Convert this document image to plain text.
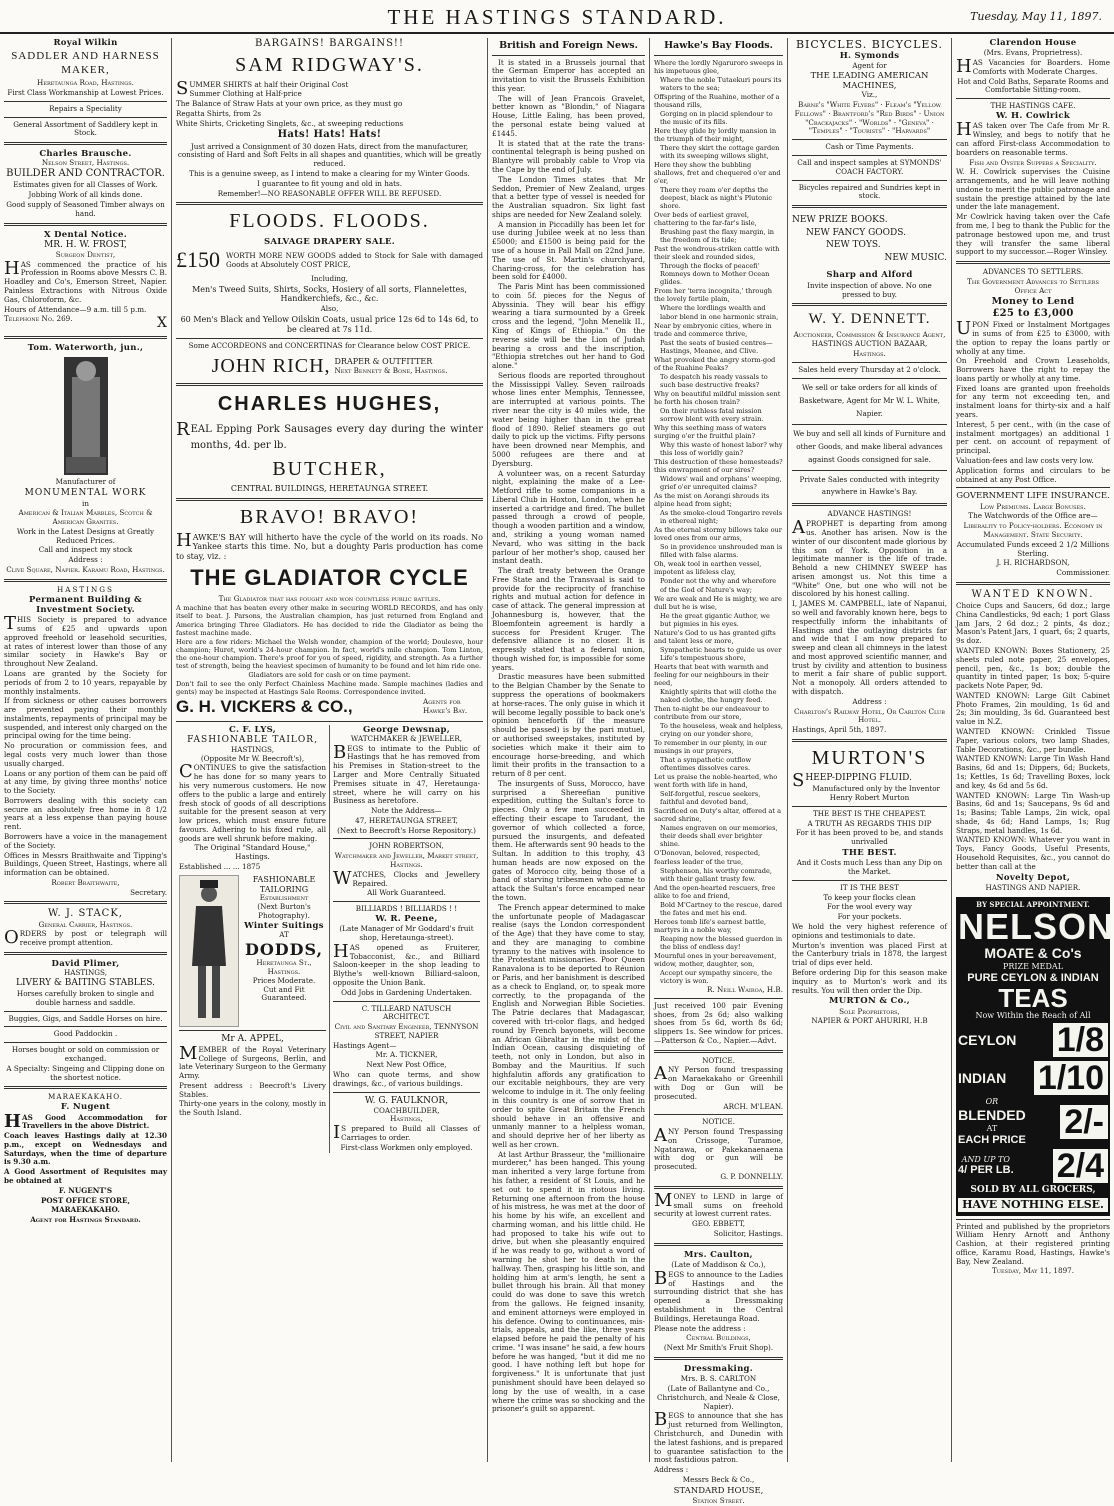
THE HASTINGS STANDARD.	Tuesday, May 11, 1897.
Royal Wilkin
SADDLER AND HARNESS MAKER,
Heretaunga Road, Hastings.

First Class Workmanship at Lowest Prices.

Repairs a Speciality

General Assortment of Saddlery kept in Stock.

Charles Brausche.
Nelson Street, Hastings.
BUILDER AND CONTRACTOR.

Estimates given for all Classes of Work.

Jobbing Work of all kinds done.

Good supply of Seasoned Timber always on hand.

X Dental Notice.
MR. H. W. FROST,
Surgeon Dentist,

HAS commenced the practice of his Profession in Rooms above Messrs C. B. Hoadley and Co's, Emerson Street, Napier. Painless Extractions with Nitrous Oxide Gas, Chloroform, &c.

Hours of Attendance—9 a.m. till 5 p.m.

Telephone No. 269.	X
Tom. Waterworth, jun.,

Manufacturer of

MONUMENTAL WORK

in

American & Italian Marbles, Scotch & American Granites.

Work in the Latest Designs at Greatly Reduced Prices.

Call and inspect my stock

Address :

Clive Square, Napier. Karamu Road, Hastings.

HASTINGS
Permanent Building & Investment Society.

THIS Society is prepared to advance sums of £25 and upwards upon approved freehold or leasehold securities, at rates of interest lower than those of any similar society in Hawke's Bay or throughout New Zealand.

Loans are granted by the Society for periods of from 2 to 10 years, repayable by monthly instalments.

If from sickness or other causes borrowers are prevented paying their monthly instalments, repayments of principal may be suspended, and interest only charged on the principal owing for the time being.

No procuration or commission fees, and legal costs very much lower than those usually charged.

Loans or any portion of them can be paid off at any time, by giving three months' notice to the Society.

Borrowers dealing with this society can secure an absolutely free home in 8 1/2 years at a less expense than paying house rent.

Borrowers have a voice in the management of the Society.

Offices in Messrs Braithwaite and Tipping's Buildings, Queen Street, Hastings, where all information can be obtained.

Robert Braithwaite,

Secretary.

W. J. STACK,
General Carrier, Hastings.

ORDERS by post or telegraph will receive prompt attention.

David Plimer,
HASTINGS,
LIVERY & BAITING STABLES.

Horses carefully broken to single and double harness and saddle.

Buggies, Gigs, and Saddle Horses on hire.

Good Paddockin .

Horses bought or sold on commission or exchanged.

A Specialty: Singeing and Clipping done on the shortest notice.

MARAEKAKAHO.
F. Nugent

HAS Good Accommodation for Travellers in the above District.

Coach leaves Hastings daily at 12.30 p.m., except on Wednesdays and Saturdays, when the time of departure is 9.30 a.m.

A Good Assortment of Requisites may be obtained at

F. NUGENT'S

POST OFFICE STORE,

MARAEKAKAHO.

Agent for Hastings Standard.

BARGAINS! BARGAINS!!
SAM RIDGWAY'S.

SUMMER SHIRTS at half their Original Cost

Summer Clothing at Half-price

The Balance of Straw Hats at your own price, as they must go

Regatta Shirts, from 2s

White Shirts, Cricketing Singlets, &c., at sweeping reductions

Hats! Hats! Hats!

Just arrived a Consignment of 30 dozen Hats, direct from the manufacturer, consisting of Hard and Soft Felts in all shapes and quantities, which will be greatly reduced.

This is a genuine sweep, as I intend to make a clearing for my Winter Goods.

I guarantee to fit young and old in hats.

Remember!—NO REASONABLE OFFER WILL BE REFUSED.

FLOODS. FLOODS.
SALVAGE DRAPERY SALE.
£150 WORTH MORE NEW GOODS added to Stock for Sale with damaged Goods at Absolutely COST PRICE,

Including,

Men's Tweed Suits, Shirts, Socks, Hosiery of all sorts, Flannelettes, Handkerchiefs, &c., &c.

Also,

60 Men's Black and Yellow Oilskin Coats, usual price 12s 6d to 14s 6d, to be cleared at 7s 11d.

Some ACCORDEONS and CONCERTINAS for Clearance below COST PRICE.

JOHN RICH, DRAPER & OUTFITTER
Next Bennett & Bone, Hastings.
CHARLES HUGHES,

REAL Epping Pork Sausages every day during the winter months, 4d. per lb.

BUTCHER,
CENTRAL BUILDINGS, HERETAUNGA STREET.
BRAVO! BRAVO!

HAWKE'S BAY will hitherto have the cycle of the world on its roads. No Yankee starts this time. No, but a doughty Paris production has come to stay, viz. :

THE GLADIATOR CYCLE

The Gladiator that has fought and won countless public battles.

A machine that has beaten every other make in securing WORLD RECORDS, and has only itself to beat. J. Parsons, the Australian champion, has just returned from England and America bringing Three Gladiators. He has decided to ride the Gladiator as being the fastest machine made.

Here are a few riders: Michael the Welsh wonder, champion of the world; Doulesve, hour champion; Huret, world's 24-hour champion. In fact, world's mile champion. Tom Linton, the one-hour champion. There's proof for you of speed, rigidity, and strength. As a further test of strength, being the heaviest specimen of humanity to be found and let him ride one.

Gladiators are sold for cash or on time payment.

Don't fail to see the only Perfect Chainless Machine made. Sample machines (ladies and gents) may be inspected at Hastings Sale Rooms. Correspondence invited.

G. H. VICKERS & CO.,	Agents for Hawke's Bay.
C. F. LYS,
FASHIONABLE TAILOR,
HASTINGS,
(Opposite Mr W. Beecroft's),

CONTINUES to give the satisfaction he has done for so many years to his very numerous customers. He now offers to the public a large and entirely fresh stock of goods of all descriptions suitable for the present season at very low prices, which must ensure future favours. Adhering to his fixed rule, all goods are well shrunk before making.

The Original "Standard House," Hastings.

Established ... ... 1875

FASHIONABLE
TAILORING
Establishment
(Next Burton's Photography).
Winter Suitings
AT
DODDS,
Heretaunga St., Hastings.
Prices Moderate.
Cut and Fit Guaranteed.
Mr A. APPEL,

MEMBER of the Royal Veterinary College of Surgeons, Berlin, and late Veterinary Surgeon to the Germany Army.

Present address : Beecroft's Livery Stables.

Thirty-one years in the colony, mostly in the South Island.

George Dewsnap,
WATCHMAKER & JEWELLER,

BEGS to intimate to the Public of Hastings that he has removed from his Premises in Station-street to the Larger and More Centrally Situated Premises situate in 47, Heretaunga-street, where he will carry on his Business as heretofore.

Note the Address—

47, HERETAUNGA STREET,

(Next to Beecroft's Horse Repository.)

JOHN ROBERTSON,

Watchmaker and Jeweller, Market street, Hastings.

WATCHES, Clocks and Jewellery Repaired.

All Work Guaranteed.

BILLIARDS ! BILLIARDS ! !
W. R. Peene,

(Late Manager of Mr Goddard's fruit shop, Heretaunga-street).

HAS opened as Fruiterer, Tobacconist, &c., and Billiard Saloon-keeper in the shop leading to Blythe's well-known Billiard-saloon, opposite the Union Bank.

Odd Jobs in Gardening Undertaken.

C. TILLEARD NATUSCH
ARCHITECT.

Civil and Sanitary Engineer, TENNYSON STREET, NAPIER

Hastings Agent—

Mr. A. TICKNER,

Next New Post Office,

Who can quote terms, and show drawings, &c., of various buildings.

W. G. FAULKNOR,
COACHBUILDER,
Hastings,

IS prepared to Build all Classes of Carriages to order.

First-class Workmen only employed.

British and Foreign News.

It is stated in a Brussels journal that the German Emperor has accepted an invitation to visit the Brussels Exhibition this year.

The will of Jean Francois Gravelet, better known as "Blondin," of Niagara House, Little Ealing, has been proved, the personal estate being valued at £1445.

It is stated that at the rate the trans-continental telegraph is being pushed on Blantyre will probably cable to Vrop via the Cape by the end of July.

The London Times states that Mr Seddon, Premier of New Zealand, urges that a better type of vessel is needed for the Australian squadron. Six light fast ships are needed for New Zealand solely.

A mansion in Piccadilly has been let for use during Jubilee week at no less than £5000; and £1500 is being paid for the use of a house in Pall Mall on 22nd June. The use of St. Martin's churchyard, Charing-cross, for the celebration has been sold for £4000.

The Paris Mint has been commissioned to coin 5f. pieces for the Negus of Abyssinia. They will bear his effigy wearing a tiara surmounted by a Greek cross and the legend, "John Menelik II., King of Kings of Ethiopia." On the reverse side will be the Lion of Judah bearing a cross and the inscription, "Ethiopia stretches out her hand to God alone."

Serious floods are reported throughout the Mississippi Valley. Seven railroads whose lines enter Memphis, Tennessee, are interrupted at various points. The river near the city is 40 miles wide, the water being higher than in the great flood of 1890. Relief steamers go out daily to pick up the victims. Fifty persons have been drowned near Memphis, and 5000 refugees are there and at Dyersburg.

A volunteer was, on a recent Saturday night, explaining the make of a Lee-Metford rifle to some companions in a Liberal Club in Hoxton, London, when he inserted a cartridge and fired. The bullet passed through a crowd of people, though a wooden partition and a window, and, striking a young woman named Nevard, who was sitting in the back parlour of her mother's shop, caused her instant death.

The draft treaty between the Orange Free State and the Transvaal is said to provide for the reciprocity of franchise rights and mutual action for defence in case of attack. The general impression at Johannesburg is, however, that the Bloemfontein agreement is hardly a success for President Kruger. The defensive alliance is no closer. It is expressly stated that a federal union, though wished for, is impossible for some years.

Drastic measures have been submitted to the Belgian Chamber by the Senate to suppress the operations of bookmakers at horse-races. The only guise in which it will become legally possible to back one's opinion henceforth (if the measure should be passed) is by the pari mutuel, or authorised sweepstakes, instituted by societies which make it their aim to encourage horse-breeding, and which limit their profits in the transaction to a return of 8 per cent.

The insurgents of Suss, Morocco, have surprised a Shereefian punitive expedition, cutting the Sultan's force to pieces. Only a few men succeeded in effecting their escape to Tarudant, the governor of which collected a force, pursued the insurgents, and defeated them. He afterwards sent 90 heads to the Sultan. In addition to this trophy, 43 human heads are now exposed on the gates of Morocco city, being those of a band of starving tribesmen who came to attack the Sultan's force encamped near the town.

The French appear determined to make the unfortunate people of Madagascar realise (says the London correspondent of the Age) that they have come to stay, and they are managing to combine tyranny to the natives with insolence to the Protestant missionaries. Poor Queen Ranavalona is to be deported to Réunion or Paris, and her banishment is described as a check to England, or, to speak more correctly, to the propaganda of the English and Norwegian Bible Societies. The Patrie declares that Madagascar, covered with tri-color flags, and hedged round by French bayonets, will become an African Gibraltar in the midst of the Indian Ocean, causing disquieting of teeth, not only in London, but also in Bombay and the Mauritius. If such highfalutin affords any gratification to our excitable neighbours, they are very welcome to indulge in it. The only feeling in this country is one of sorrow that in order to spite Great Britain the French should behave in an offensive and unmanly manner to a helpless woman, and should deprive her of her liberty as well as her crown.

At last Arthur Brasseur, the "millionaire murderer," has been hanged. This young man inherited a very large fortune from his father, a resident of St Louis, and he set out to spend it in riotous living. Returning one afternoon from the house of his mistress, he was met at the door of his home by his wife, an excellent and charming woman, and his little child. He had proposed to take his wife out to drive, but when she pleasantly enquired if he was ready to go, without a word of warning he shot her to death in the hallway. Then, grasping his little son, and holding him at arm's length, he sent a bullet through his brain. All that money could do was done to save this wretch from the gallows. He feigned insanity, and eminent attorneys were employed in his defence. Owing to continuances, mis-trials, appeals, and the like, three years elapsed before he paid the penalty of his crime. "I was insane" he said, a few hours before he was hanged, "but it did me no good. I have nothing left but hope for forgiveness." It is unfortunate that just punishment should have been delayed so long by the use of wealth, in a case where the crime was so shocking and the prisoner's guilt so apparent.

Hawke's Bay Floods.

Where the lordly Ngaruroro sweeps in his impetuous glee,

Where the noble Tutaekuri pours its waters to the sea;

Offspring of the Ruahine, mother of a thousand rills,

Gorging on in placid splendour to the music of its fills.

Here they glide by lordly mansion in the triumph of their might,

There they skirt the cottage garden with its sweeping willows slight,

Here they show the bubbling shallows, fret and chequered o'er and o'er,

There they roam o'er depths the deepest, black as night's Plutonic shore.

Over beds of earliest gravel, chattering to the far-far's lisle,

Brushing past the flaxy margin, in the freedom of its tide;

Past the wondrous-striken cattle with their sleek and rounded sides,

Through the flocks of peacefi' Romneys down to Mother Ocean glides.

From her 'terra incognita,' through the lovely fertile plain,

Where the lordlings wealth and labor blend in one harmonic strain,

Near by embryonic cities, where in trade and commerce thrive,

Past the seats of busied centres—Hastings, Meanee, and Clive.

What provoked the angry storm-god of the Ruahine Peaks?

To despatch his ready vassals to such base destructive freaks?

Why on beautiful mildful mission sent he forth his chosen train?

On their ruthless fatal mission sorrow blent with every strain.

Why this seething mass of waters surging o'er the fruitful plain?

Why this waste of honest labor? why this loss of worldly gain?

This destruction of these homesteads? this enwrapment of our sires?

Widows' wail and orphans' weeping, grief o'er unrequited claims?

As the mist on Aorangi shrouds its alpine head from sight;

As the smoke-cloud Tongariro revels in ethereal night;

As the eternal stormy billows take our loved ones from our arms,

So in providence unshrouded man is filled with false alarms.

Oh, weak tool in earthen vessel, impotent as lifeless clay,

Ponder not the why and wherefore of the God of Nature's way;

We are weak and He is mighty, we are dull but he is wise,

He the great gigantic Author, we but pigmies in his eyes.

Nature's God to us has granted gifts and talent less or more,

Sympathetic hearts to guide us over Life's tempestuous shore,

Hearts that beat with warmth and feeling for our neighbours in their need,

Knightly spirits that will clothe the naked clothe, the hungry feed.

Then to-night be our endeavour to contribute from our store,

To the houseless, weak and helpless, crying on our yonder shore,

To remember in our plenty, in our musings in our prayers,

That a sympathetic outflow oftentimes dissolves cares.

Let us praise the noble-hearted, who went forth with life in hand,

Self-forgetful, rescue seekers, faithful and devoted band,

Sacrificed on Duty's altar, offered at a sacred shrine,

Names engraven on our memories, their deeds shall ever brighter shine.

O'Donovan, beloved, respected, fearless leader of the true,

Stephenson, his worthy comrade, with their gallant trusty few.

And the open-hearted rescuers, free alike to foe and friend,

Bold M'Cartney to the rescue, dared the fates and met his end.

Heroes tomb life's earnest battle, martyrs in a noble way,

Reaping now the blessed guerdon in the bliss of endless day!

Mournful ones in your bereavement, widow, mother, daughter, son,

Accept our sympathy sincere, the victory is won.

R. Neill Wairoa, H.B.

Just received 100 pair Evening shoes, from 2s 6d; also walking shoes from 5s 6d, worth 8s 6d; slippers 1s. See window for prices.—Patterson & Co., Napier.—Advt.

NOTICE.

ANY Person found trespassing on Maraekakaho or Greenhill with Dog or Gun will be prosecuted.

ARCH. M'LEAN.

NOTICE.

ANY Person found Trespassing on Crissoge, Turamoe, Ngatarawa, or Pakekanaenaena with dog or gun will be prosecuted.

G. P. DONNELLY.

MONEY to LEND in large of small sums on freehold security at lowest current rates.

GEO. EBBETT,

Solicitor, Hastings.

Mrs. Caulton,

(Late of Maddison & Co.),

BEGS to announce to the Ladies of Hastings and the surrounding district that she has opened a Dressmaking establishment in the Central Buildings, Heretaunga Road.

Please note the address :

Central Buildings,

(Next Mr Smith's Fruit Shop).

Dressmaking.

Mrs. B. S. CARLTON

(Late of Ballantyne and Co., Christchurch, and Neale & Close, Napier).

BEGS to announce that she has just returned from Wellington, Christchurch, and Dunedin with the latest fashions, and is prepared to guarantee satisfaction to the most fastidious patron.

Address :

Messrs Beck & Co.,

STANDARD HOUSE,

Station Street.

BICYCLES. BICYCLES.
H. Symonds
Agent for
THE LEADING AMERICAN MACHINES,
Viz.,

Barne's "White Flyers" · Fleam's "Yellow Fellows" · Brantford's "Red Birds" · Union "Crackajacks" · "Worlds" · "Geneva" · "Temples" · "Tourists" · "Harvards"

Cash or Time Payments.

Call and inspect samples at SYMONDS' COACH FACTORY.

Bicycles repaired and Sundries kept in stock.

NEW PRIZE BOOKS.
NEW FANCY GOODS.
NEW TOYS.
NEW MUSIC.
Sharp and Alford

Invite inspection of above. No one pressed to buy.

W. Y. DENNETT.

Auctioneer, Commission & Insurance Agent,

HASTINGS AUCTION BAZAAR,

Hastings.

Sales held every Thursday at 2 o'clock.

We sell or take orders for all kinds of Basketware, Agent for Mr W. L. White, Napier.

We buy and sell all kinds of Furniture and other Goods, and make liberal advances against Goods consigned for sale.

Private Sales conducted with integrity anywhere in Hawke's Bay.

ADVANCE HASTINGS!

APROPHET is departing from among us. Another has arisen. Now is the winter of our discontent made glorious by this son of York. Opposition in a legitimate manner is the life of trade. Behold a new CHIMNEY SWEEP has arisen amongst us. Not this time a "White" One, but one who will not be discolored by his honest calling.

I, JAMES M. CAMPBELL, late of Napanui, so well and favorably known here, begs to respectfully inform the inhabitants of Hastings and the outlaying districts far and wide that I am now prepared to sweep and clean all chimneys in the latest and most approved scientific manner, and trust by civility and attention to business to merit a fair share of public support. Not a monopoly. All orders attended to with dispatch.

Address :

Charlton's Railway Hotel, Or Carlton Club Hotel.

Hastings, April 5th, 1897.

MURTON'S

SHEEP-DIPPING FLUID.

Manufactured only by the Inventor Henry Robert Murton

THE BEST IS THE CHEAPEST.

A TRUTH AS REGARDS THIS DIP

For it has been proved to be, and stands unrivalled

THE BEST.

And it Costs much Less than any Dip on the Market.

IT IS THE BEST

To keep your flocks clean

For the wool every way

For your pockets.

We hold the very highest reference of opinions and testimonials to date.

Murton's invention was placed First at the Canterbury trials in 1878, the largest trial of dips ever held.

Before ordering Dip for this season make inquiry as to Murton's work and its results. You will then order the Dip.

MURTON & Co.,

Sole Proprietors,

NAPIER & PORT AHURIRI, H.B

Clarendon House

(Mrs. Evans, Proprietress).

HAS Vacancies for Boarders. Home Comforts with Moderate Charges.

Hot and Cold Baths, Separate Rooms and Comfortable Sitting-room.

THE HASTINGS CAFE.
W. H. Cowlrick

HAS taken over The Cafe from Mr R. Winsley, and begs to notify that he can afford First-class Accommodation to boarders on reasonable terms.

Fish and Oyster Suppers a Speciality.

W. H. Cowlrick supervises the Cuisine arrangements, and he will leave nothing undone to merit the public patronage and sustain the prestige attained by the late under the late management.

Mr Cowlrick having taken over the Cafe from me, I beg to thank the Public for the patronage bestowed upon me, and trust they will transfer the same liberal support to my successor.—Roger Winsley.

ADVANCES TO SETTLERS.

The Government Advances to Settlers Office Act

Money to Lend
£25 to £3,000

UPON Fixed or Instalment Mortgages in sums of from £25 to £3000, with the option to repay the loans partly or wholly at any time.

On Freehold and Crown Leaseholds, Borrowers have the right to repay the loans partly or wholly at any time.

Fixed loans are granted upon freeholds for any term not exceeding ten, and instalment loans for thirty-six and a half years.

Interest, 5 per cent., with (in the case of instalment mortgages) an additional 1 per cent. on account of repayment of principal.

Valuation-fees and law costs very low.

Application forms and circulars to be obtained at any Post Office.

GOVERNMENT LIFE INSURANCE.

Low Premiums. Large Bonuses.

The Watchwords of the Office are—

Liberality to Policy-holders. Economy in Management. State Security.

Accumulated Funds exceed 2 1/2 Millions Sterling.

J. H. RICHARDSON,

Commissioner.

WANTED KNOWN.

Choice Cups and Saucers, 6d doz.; large China Candlesticks, 9d each; 1 port Glass Jam Jars, 2 6d doz.; 2 pints, 4s doz.; Mason's Patent Jars, 1 quart, 6s; 2 quarts, 9s doz.

WANTED KNOWN: Boxes Stationery, 25 sheets ruled note paper, 25 envelopes, pencil, pen, &c., 1s box; double the quantity in tinted paper, 1s box; 5-quire packets Note Paper, 9d.

WANTED KNOWN: Large Gilt Cabinet Photo Frames, 2in moulding, 1s 6d and 2s; 3in moulding, 3s 6d. Guaranteed best value in N.Z.

WANTED KNOWN: Crinkled Tissue Paper, various colors, two lamp Shades, Table Decorations, &c., per bundle.

WANTED KNOWN: Large Tin Wash Hand Basins, 6d and 1s; Dippers, 6d; Buckets, 1s; Kettles, 1s 6d; Travelling Boxes, lock and key, 4s 6d and 5s 6d.

WANTED KNOWN: Large Tin Wash-up Basins, 6d and 1s; Saucepans, 9s 6d and 1s; Basins; Table Lamps, 2in wick, opal shade, 4s 6d; Hand Lamps, 1s; Rug Straps, metal handles, 1s 6d.

WANTED KNOWN: Whatever you want in Toys, Fancy Goods, Useful Presents, Household Requisites, &c., you cannot do better than call at the

Novelty Depot,

HASTINGS AND NAPIER.

BY SPECIAL APPOINTMENT.
NELSON
MOATE & Co's
PRIZE MEDAL
PURE CEYLON & INDIAN
TEAS
Now Within the Reach of All
CEYLON 1/8
INDIAN 1/10
OR
BLENDED
AT
EACH PRICE 2/-
AND UP TO
4/ PER LB. 2/4
SOLD BY ALL GROCERS,
HAVE NOTHING ELSE.

Printed and published by the proprietors William Henry Arnott and Anthony Cashion, at their registered printing office, Karamu Road, Hastings, Hawke's Bay, New Zealand.

Tuesday, May 11, 1897.
